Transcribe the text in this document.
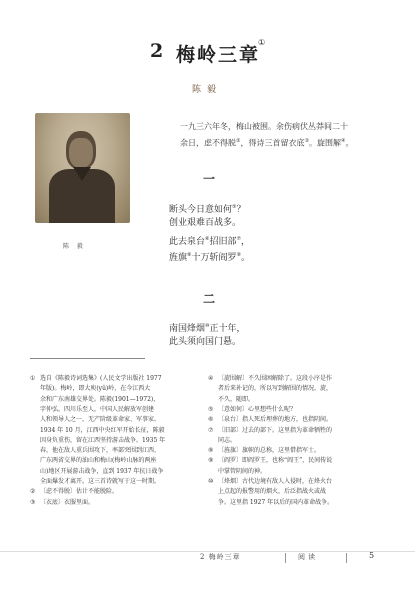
2 梅岭三章
①
陈毅
陈 毅
一九三六年冬，梅山被围。余伤病伏丛莽间二十
余日，虑不得脱②，得诗三首留衣底③。旋围解④。
一
断头今日意如何⑤？
创业艰难百战多。
此去泉台⑥招旧部⑦，
旌旗⑧十万斩阎罗⑨。
二
南国烽烟⑩正十年，
此头须向国门悬。
① 选自《陈毅诗词选集》(人民文学出版社 1977
年版)。梅岭，即大庾(yǔ)岭，在今江西大
余和广东南雄交界处。陈毅(1901—1972)，
字仲弘，四川乐至人，中国人民解放军创建
人和领导人之一，无产阶级革命家、军事家。
1934 年 10 月，江西中央红军开始长征，陈毅
因身负重伤，留在江西坚持游击战争。1935 年
春，他在敌人重兵围攻下，率部突围到江西、
广东两省交界的油山和梅山(梅岭山脉的两座
山)地区开展游击战争，直到 1937 年抗日战争
全面爆发才离开。这三首诗就写于这一时期。
② 〔虑不得脱〕估计不能脱险。
③ 〔衣底〕衣服里面。
④ 〔旋围解〕不久围困解除了。这段小序是作
者后来补记的，所以写到解围的情况。旋，
不久，随即。
⑤ 〔意如何〕心里想些什么呢？
⑥ 〔泉台〕指人死后埋葬的地方，也指阴间。
⑦ 〔旧部〕过去的部下。这里指为革命牺牲的
同志。
⑧ 〔旌旗〕旗帜的总称，这里借指军士。
⑨ 〔阎罗〕即阎罗王，也称“阎王”，民间传说
中掌管阴间的神。
⑩ 〔烽烟〕古代边境有敌人入侵时，在烽火台
上点起的报警用的烟火，后泛指战火或战
争。这里指 1927 年以后的国内革命战争。
2 梅岭三章	阅读	5
